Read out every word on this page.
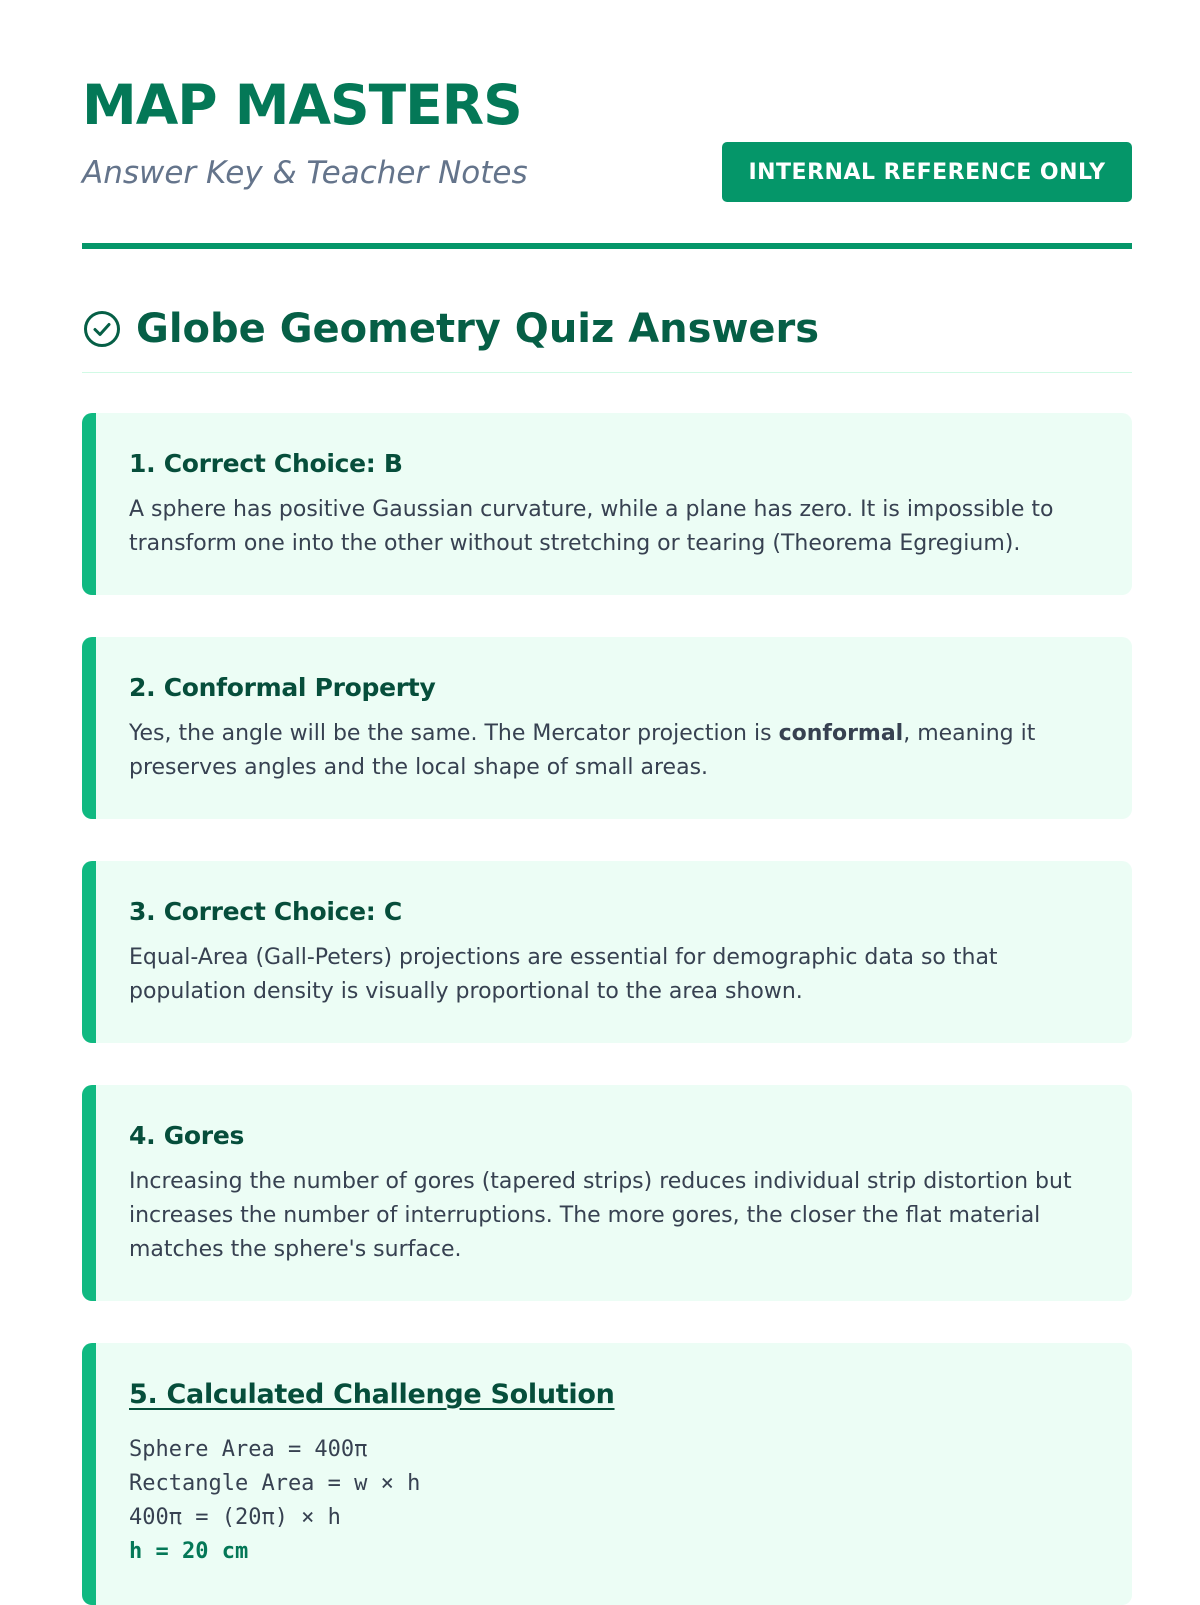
MAP MASTERS

Answer Key & Teacher Notes	INTERNAL REFERENCE ONLY
Globe Geometry Quiz Answers
1. Correct Choice: B

A sphere has positive Gaussian curvature, while a plane has zero. It is impossible to transform one into the other without stretching or tearing (Theorema Egregium).

2. Conformal Property

Yes, the angle will be the same. The Mercator projection is conformal, meaning it preserves angles and the local shape of small areas.

3. Correct Choice: C

Equal-Area (Gall-Peters) projections are essential for demographic data so that population density is visually proportional to the area shown.

4. Gores

Increasing the number of gores (tapered strips) reduces individual strip distortion but increases the number of interruptions. The more gores, the closer the flat material matches the sphere's surface.

5. Calculated Challenge Solution
Sphere Area = 400π
Rectangle Area = w × h
400π = (20π) × h
h = 20 cm
